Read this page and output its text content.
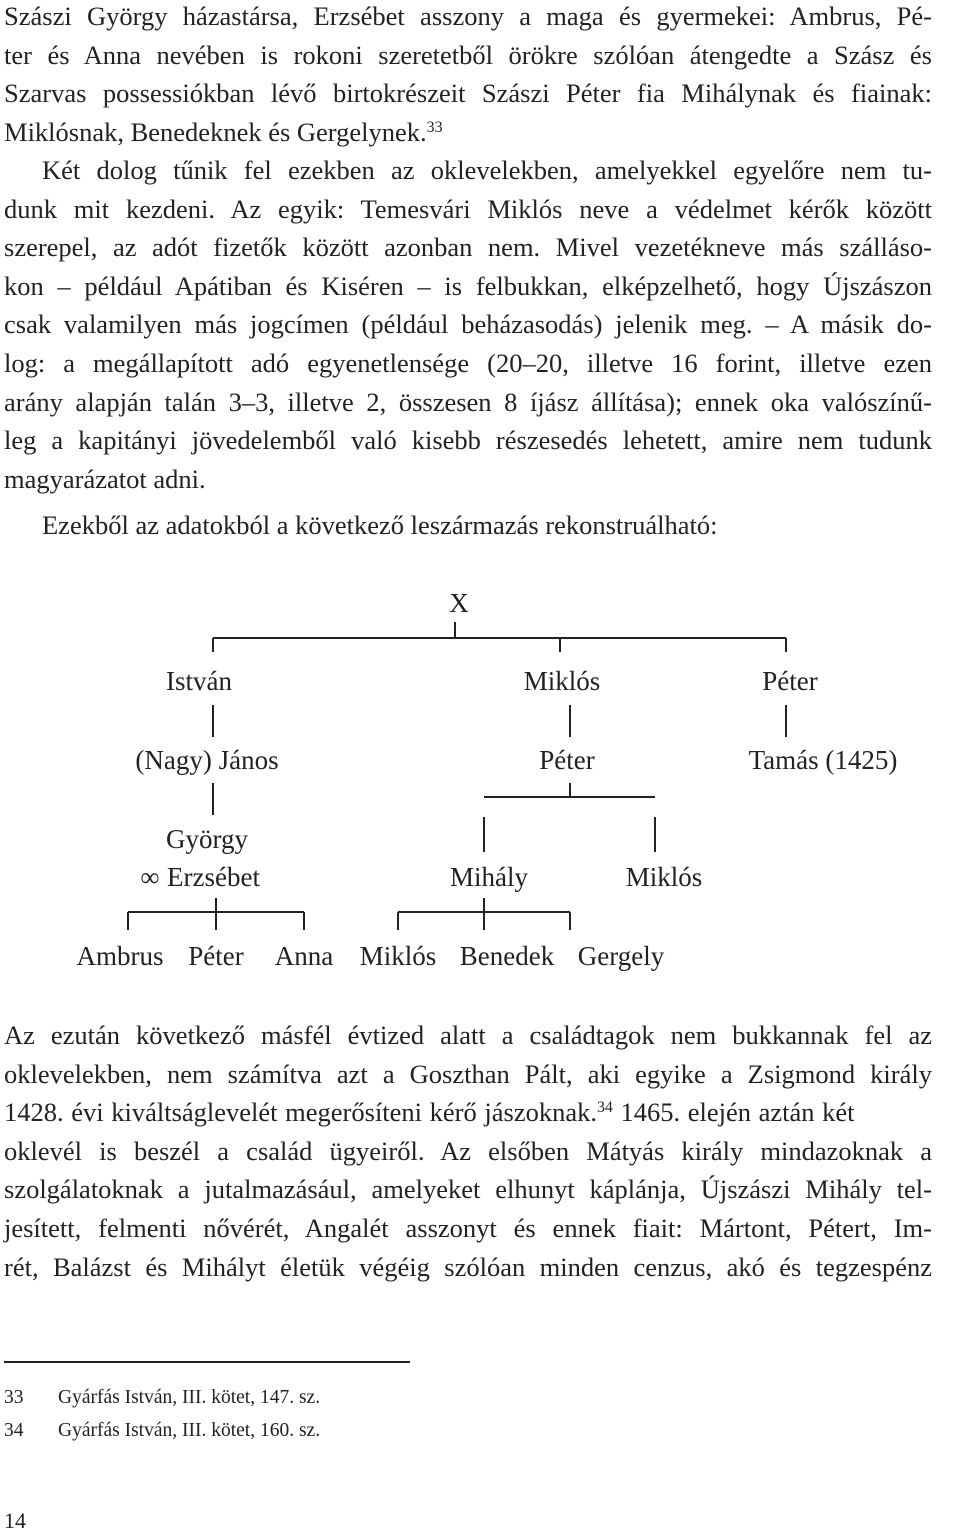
Szászi György házastársa, Erzsébet asszony a maga és gyermekei: Ambrus, Pé-
ter és Anna nevében is rokoni szeretetből örökre szólóan átengedte a Szász és
Szarvas possessiókban lévő birtokrészeit Szászi Péter fia Mihálynak és fiainak:
Miklósnak, Benedeknek és Gergelynek.$^{33}$
Két dolog tűnik fel ezekben az oklevelekben, amelyekkel egyelőre nem tu-
dunk mit kezdeni. Az egyik: Temesvári Miklós neve a védelmet kérők között
szerepel, az adót fizetők között azonban nem. Mivel vezetékneve más szálláso-
kon – például Apátiban és Kiséren – is felbukkan, elképzelhető, hogy Újszászon
csak valamilyen más jogcímen (például beházasodás) jelenik meg. – A másik do-
log: a megállapított adó egyenetlensége (20–20, illetve 16 forint, illetve ezen
arány alapján talán 3–3, illetve 2, összesen 8 íjász állítása); ennek oka valószínű-
leg a kapitányi jövedelemből való kisebb részesedés lehetett, amire nem tudunk
magyarázatot adni.
Ezekből az adatokból a következő leszármazás rekonstruálható:
X
István	Miklós	Péter
(Nagy) János	Péter	Tamás (1425)
György
∞ Erzsébet	Mihály	Miklós
Ambrus Péter Anna Miklós Benedek Gergely
Az ezután következő másfél évtized alatt a családtagok nem bukkannak fel az
oklevelekben, nem számítva azt a Goszthan Pált, aki egyike a Zsigmond király
1428. évi kiváltságlevelét megerősíteni kérő jászoknak.$^{34}$ 1465. elején aztán két
oklevél is beszél a család ügyeiről. Az elsőben Mátyás király mindazoknak a
szolgálatoknak a jutalmazásául, amelyeket elhunyt káplánja, Újszászi Mihály tel-
jesített, felmenti nővérét, Angalét asszonyt és ennek fiait: Mártont, Pétert, Im-
rét, Balázst és Mihályt életük végéig szólóan minden cenzus, akó és tegzespénz
33 Gyárfás István, III. kötet, 147. sz.
34 Gyárfás István, III. kötet, 160. sz.
14
